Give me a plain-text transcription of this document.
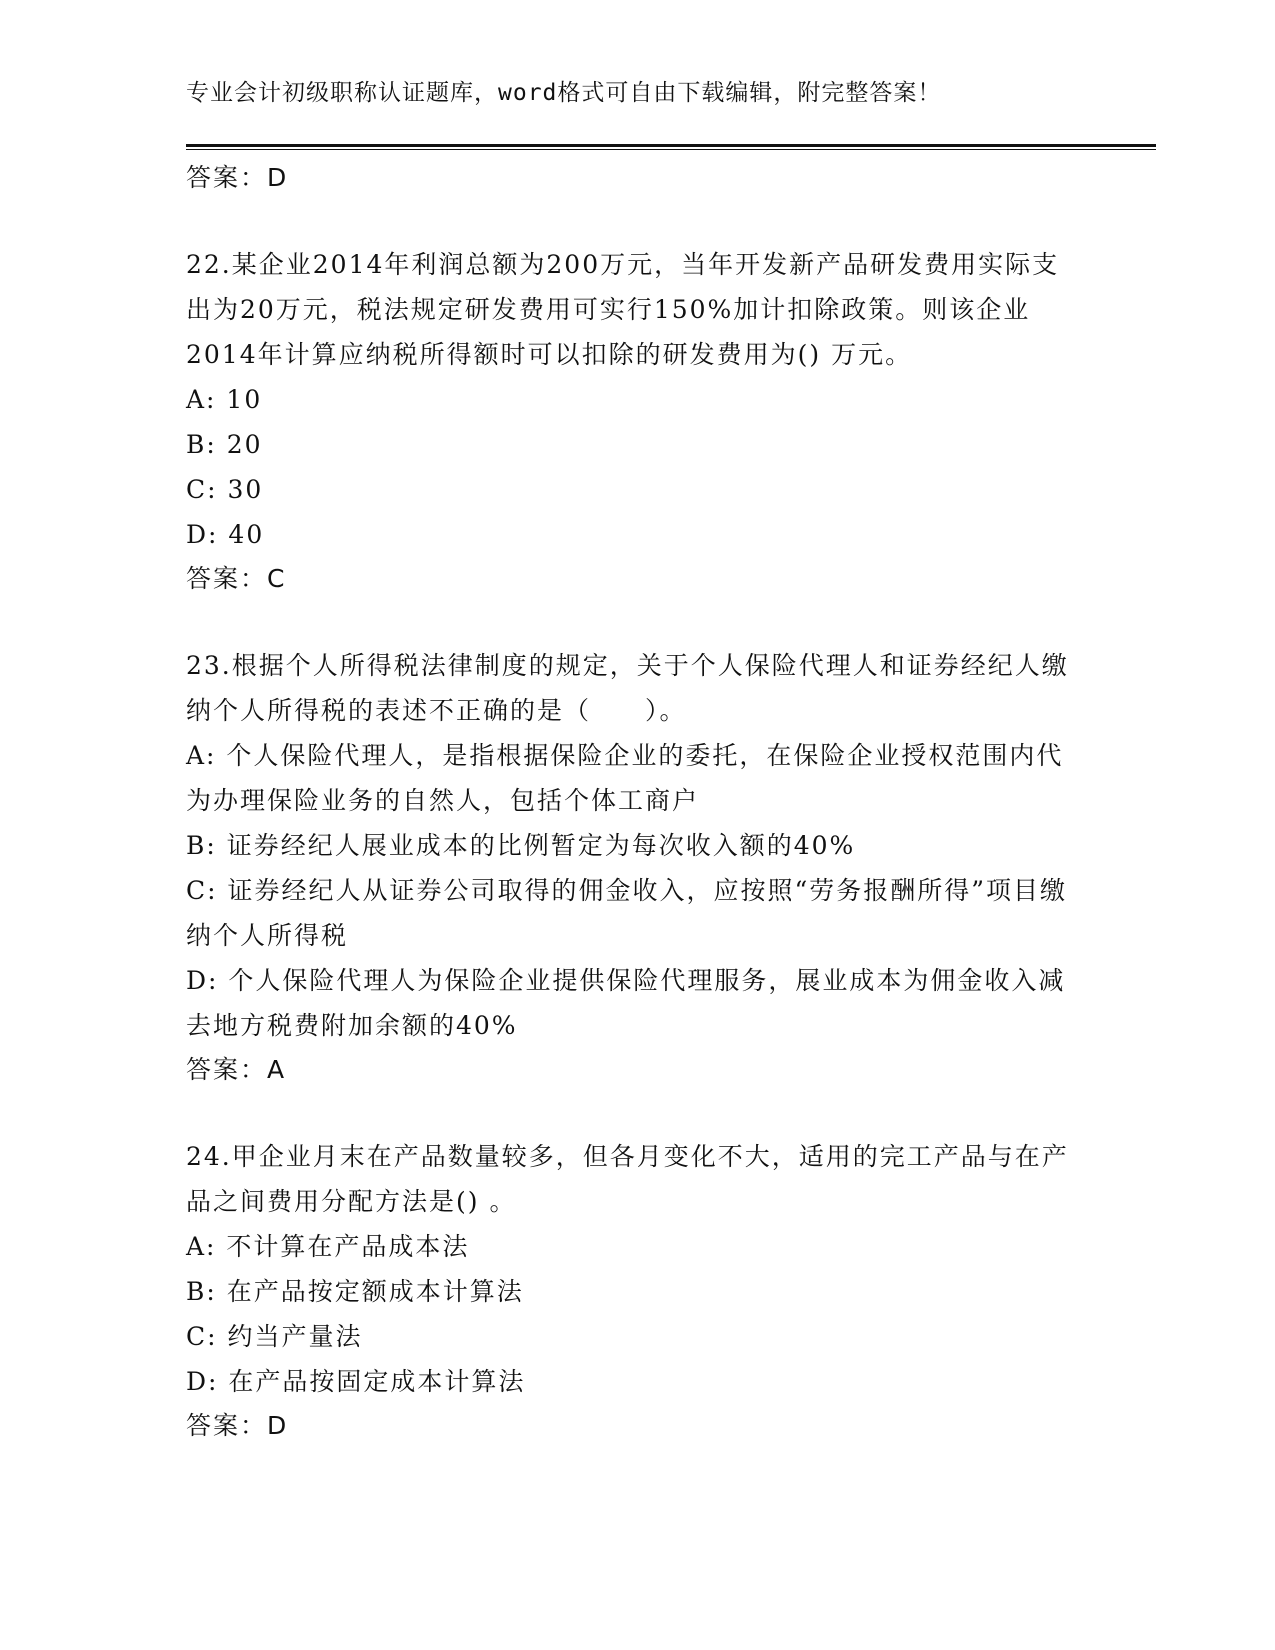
专业会计初级职称认证题库，word格式可自由下载编辑，附完整答案！
答案：D
22.某企业2014年利润总额为200万元，当年开发新产品研发费用实际支出为20万元，税法规定研发费用可实行150%加计扣除政策。则该企业2014年计算应纳税所得额时可以扣除的研发费用为() 万元。
A: 10
B: 20
C: 30
D: 40
答案：C
23.根据个人所得税法律制度的规定，关于个人保险代理人和证券经纪人缴纳个人所得税的表述不正确的是（　　）。
A: 个人保险代理人，是指根据保险企业的委托，在保险企业授权范围内代为办理保险业务的自然人，包括个体工商户
B: 证券经纪人展业成本的比例暂定为每次收入额的40%
C: 证券经纪人从证券公司取得的佣金收入，应按照“劳务报酬所得”项目缴纳个人所得税
D: 个人保险代理人为保险企业提供保险代理服务，展业成本为佣金收入减去地方税费附加余额的40%
答案：A
24.甲企业月末在产品数量较多，但各月变化不大，适用的完工产品与在产品之间费用分配方法是() 。
A: 不计算在产品成本法
B: 在产品按定额成本计算法
C: 约当产量法
D: 在产品按固定成本计算法
答案：D
